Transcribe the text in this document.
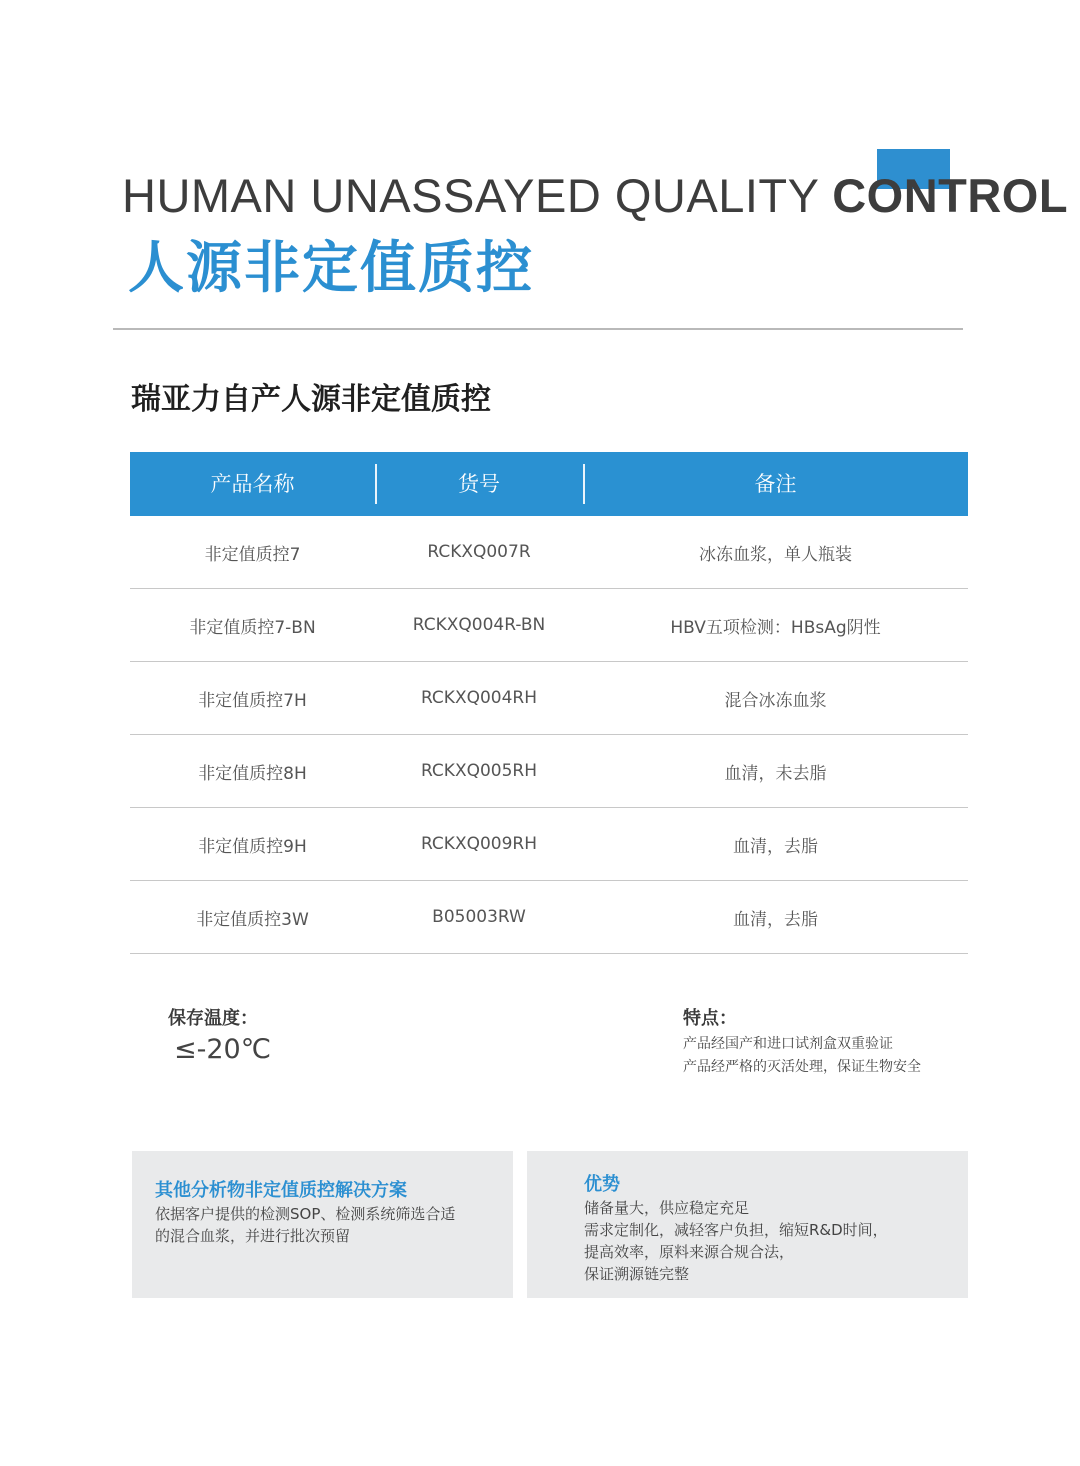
HUMAN UNASSAYED QUALITY CONTROL
人源非定值质控
瑞亚力自产人源非定值质控
产品名称	货号	备注
非定值质控7	RCKXQ007R	冰冻血浆，单人瓶装
非定值质控7-BN	RCKXQ004R-BN	HBV五项检测：HBsAg阴性
非定值质控7H	RCKXQ004RH	混合冰冻血浆
非定值质控8H	RCKXQ005RH	血清，未去脂
非定值质控9H	RCKXQ009RH	血清，去脂
非定值质控3W	B05003RW	血清，去脂
保存温度：
≤-20℃
特点：
产品经国产和进口试剂盒双重验证
产品经严格的灭活处理，保证生物安全
其他分析物非定值质控解决方案
依据客户提供的检测SOP、检测系统筛选合适
的混合血浆，并进行批次预留
优势
储备量大，供应稳定充足
需求定制化，减轻客户负担，缩短R&D时间，
提高效率，原料来源合规合法，
保证溯源链完整
